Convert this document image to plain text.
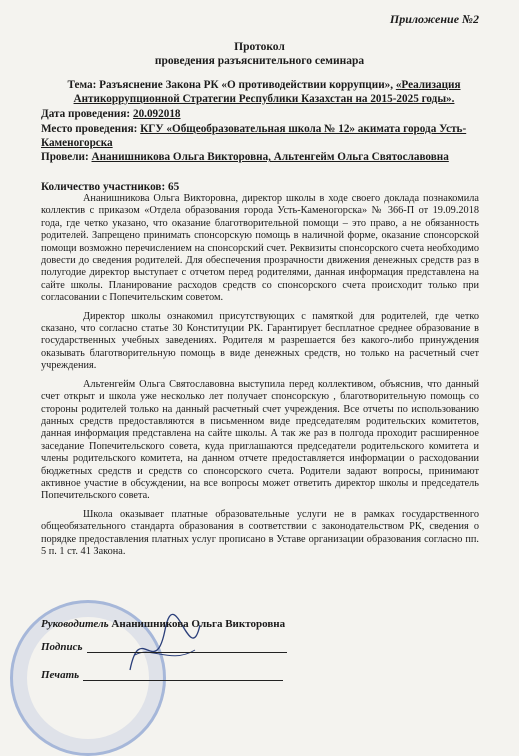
Приложение №2
Протокол
проведения разъяснительного семинара
Тема: Разъяснение Закона РК «О противодействии коррупции», «Реализация Антикоррупционной Стратегии Республики Казахстан на 2015-2025 годы».
Дата проведения: 20.092018
Место проведения: КГУ «Общеобразовательная школа № 12» акимата города Усть-Каменогорска
Провели: Ананишникова Ольга Викторовна, Альтенгейм Ольга Святославовна
Количество участников: 65

Ананишникова Ольга Викторовна, директор школы в ходе своего доклада познакомила коллектив с приказом «Отдела образования города Усть-Каменогорска» № 366-П от 19.09.2018 года, где четко указано, что оказание благотворительной помощи – это право, а не обязанность родителей. Запрещено принимать спонсорскую помощь в наличной форме, оказание спонсорской помощи возможно перечислением на спонсорский счет. Реквизиты спонсорского счета необходимо довести до сведения родителей. Для обеспечения прозрачности движения денежных средств раз в полугодие директор выступает с отчетом перед родителями, данная информация представлена на сайте школы. Планирование расходов средств со спонсорского счета происходит только при согласовании с Попечительским советом.

Директор школы ознакомил присутствующих с памяткой для родителей, где четко сказано, что согласно статье 30 Конституции РК. Гарантирует бесплатное среднее образование в государственных учебных заведениях. Родителя м разрешается без какого-либо принуждения оказывать благотворительную помощь в виде денежных средств, но только на расчетный счет учреждения.

Альтенгейм Ольга Святославовна выступила перед коллективом, объяснив, что данный счет открыт и школа уже несколько лет получает спонсорскую , благотворительную помощь со стороны родителей только на данный расчетный счет учреждения. Все отчеты по использованию данных средств предоставляются в письменном виде председателям родительских комитетов, данная информация представлена на сайте школы. А так же раз в полгода проходит расширенное заседание Попечительского совета, куда приглашаются председатели родительского комитета и члены родительского комитета, на данном отчете предоставляется информации о расходовании бюджетных средств и средств со спонсорского счета. Родители задают вопросы, принимают активное участие в обсуждении, на все вопросы может ответить директор школы и председатель Попечительского совета.

Школа оказывает платные образовательные услуги не в рамках государственного общеобязательного стандарта образования в соответствии с законодательством РК, сведения о порядке предоставления платных услуг прописано в Уставе организации образования согласно пп. 5 п. 1 ст. 41 Закона.

Руководитель Ананишникова Ольга Викторовна
Подпись
Печать
